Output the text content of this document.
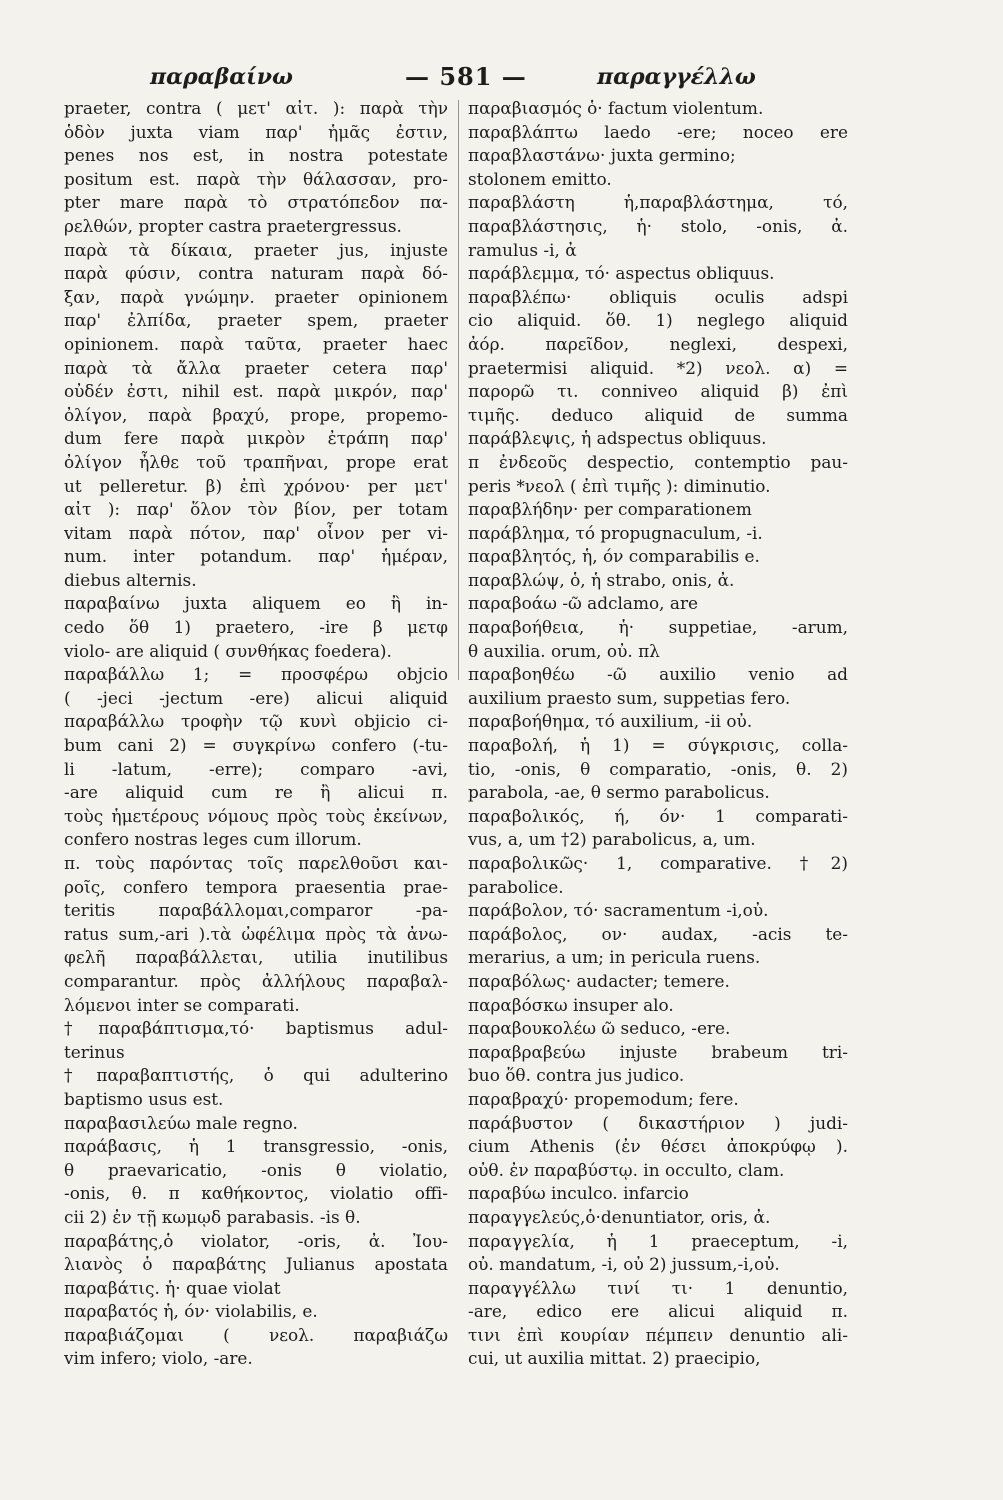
παραβαίνω	— 581 —	παραγγέλλω
praeter, contra ( μετ' αἰτ. ): παρὰ τὴν
ὁδὸν juxta viam παρ' ἡμᾶς ἐστιν,
penes nos est, in nostra potestate
positum est. παρὰ τὴν θάλασσαν, pro-
pter mare παρὰ τὸ στρατόπεδον πα-
ρελθών, propter castra praetergressus.
παρὰ τὰ δίκαια, praeter jus, injuste
παρὰ φύσιν, contra naturam παρὰ δό-
ξαν, παρὰ γνώμην. praeter opinionem
παρ' ἐλπίδα, praeter spem, praeter
opinionem. παρὰ ταῦτα, praeter haec
παρὰ τὰ ἄλλα praeter cetera παρ'
οὐδέν ἐστι, nihil est. παρὰ μικρόν, παρ'
ὀλίγον, παρὰ βραχύ, prope, propemo-
dum fere παρὰ μικρὸν ἐτράπη παρ'
ὀλίγον ἦλθε τοῦ τραπῆναι, prope erat
ut pelleretur. β) ἐπὶ χρόνου· per μετ'
αἰτ ): παρ' ὅλον τὸν βίον, per totam
vitam παρὰ πότον, παρ' οἶνον per vi-
num. inter potandum. παρ' ἡμέραν,
diebus alternis.
παραβαίνω juxta aliquem eo ἢ in-
cedo ὅθ 1) praetero, -ire β μετφ
violo- are aliquid ( συνθήκας foedera).
παραβάλλω 1; = προσφέρω objcio
( -jeci -jectum -ere) alicui aliquid
παραβάλλω τροφὴν τῷ κυνὶ objicio ci-
bum cani 2) = συγκρίνω confero (-tu-
li -latum, -erre); comparo -avi,
-are aliquid cum re ἢ alicui π.
τοὺς ἡμετέρους νόμους πρὸς τοὺς ἐκείνων,
confero nostras leges cum illorum.
π. τοὺς παρόντας τοῖς παρελθοῦσι και-
ροῖς, confero tempora praesentia prae-
teritis παραβάλλομαι,comparor -pa-
ratus sum,-ari ).τὰ ὠφέλιμα πρὸς τὰ ἀνω-
φελῆ παραβάλλεται, utilia inutilibus
comparantur. πρὸς ἀλλήλους παραβαλ-
λόμενοι inter se comparati.
†παραβάπτισμα,τό· baptismus adul-
terinus
†παραβαπτιστής, ὁ qui adulterino
baptismo usus est.
παραβασιλεύω male regno.
παράβασις, ἡ 1 transgressio, -onis,
θ praevaricatio, -onis θ violatio,
-onis, θ. π καθήκοντος, violatio offi-
cii 2) ἐν τῇ κωμῳδ parabasis. -is θ.
παραβάτης,ὁ violator, -oris, ἀ. Ἰου-
λιανὸς ὁ παραβάτης Julianus apostata
παραβάτις. ἡ· quae violat
παραβατός ἡ, όν· violabilis, e.
παραβιάζομαι ( νεολ. παραβιάζω
vim infero; violo, -are.
παραβιασμός ὁ· factum violentum.
παραβλάπτω laedo -ere; noceo ere
παραβλαστάνω· juxta germino;
stolonem emitto.
παραβλάστη ἡ,παραβλάστημα, τό,
παραβλάστησις, ἡ· stolo, -onis, ἀ.
ramulus -i, ἀ
παράβλεμμα, τό· aspectus obliquus.
παραβλέπω· obliquis oculis adspi
cio aliquid. ὅθ. 1) neglego aliquid
ἀόρ. παρεῖδον, neglexi, despexi,
praetermisi aliquid. *2) νεολ. α) =
παρορῶ τι. conniveo aliquid β) ἐπὶ
τιμῆς. deduco aliquid de summa
παράβλεψις, ἡ adspectus obliquus.
π ἐνδεοῦς despectio, contemptio pau-
peris *νεολ ( ἐπὶ τιμῆς ): diminutio.
παραβλήδην· per comparationem
παράβλημα, τό propugnaculum, -i.
παραβλητός, ἡ, όν comparabilis e.
παραβλώψ, ὁ, ἡ strabo, onis, ἀ.
παραβοάω -ῶ adclamo, are
παραβοήθεια, ἡ· suppetiae, -arum,
θ auxilia. orum, οὐ. πλ
παραβοηθέω -ῶ auxilio venio ad
auxilium praesto sum, suppetias fero.
παραβοήθημα, τό auxilium, -ii οὐ.
παραβολή, ἡ 1) = σύγκρισις, colla-
tio, -onis, θ comparatio, -onis, θ. 2)
parabola, -ae, θ sermo parabolicus.
παραβολικός, ή, όν· 1 comparati-
vus, a, um †2) parabolicus, a, um.
παραβολικῶς· 1, comparative. †2)
parabolice.
παράβολον, τό· sacramentum -i,οὐ.
παράβολος, ον· audax, -acis te-
merarius, a um; in pericula ruens.
παραβόλως· audacter; temere.
παραβόσκω insuper alo.
παραβουκολέω ῶ seduco, -ere.
παραβραβεύω injuste brabeum tri-
buo ὅθ. contra jus judico.
παραβραχύ· propemodum; fere.
παράβυστον ( δικαστήριον ) judi-
cium Athenis (ἐν θέσει ἀποκρύφῳ ).
οὐθ. ἐν παραβύστῳ. in occulto, clam.
παραβύω inculco. infarcio
παραγγελεύς,ὁ·denuntiator, oris, ἀ.
παραγγελία, ἡ 1 praeceptum, -i,
οὐ. mandatum, -i, οὐ 2) jussum,-i,οὐ.
παραγγέλλω τινί τι· 1 denuntio,
-are, edico ere alicui aliquid π.
τινι ἐπὶ κουρίαν πέμπειν denuntio ali-
cui, ut auxilia mittat. 2) praecipio,
